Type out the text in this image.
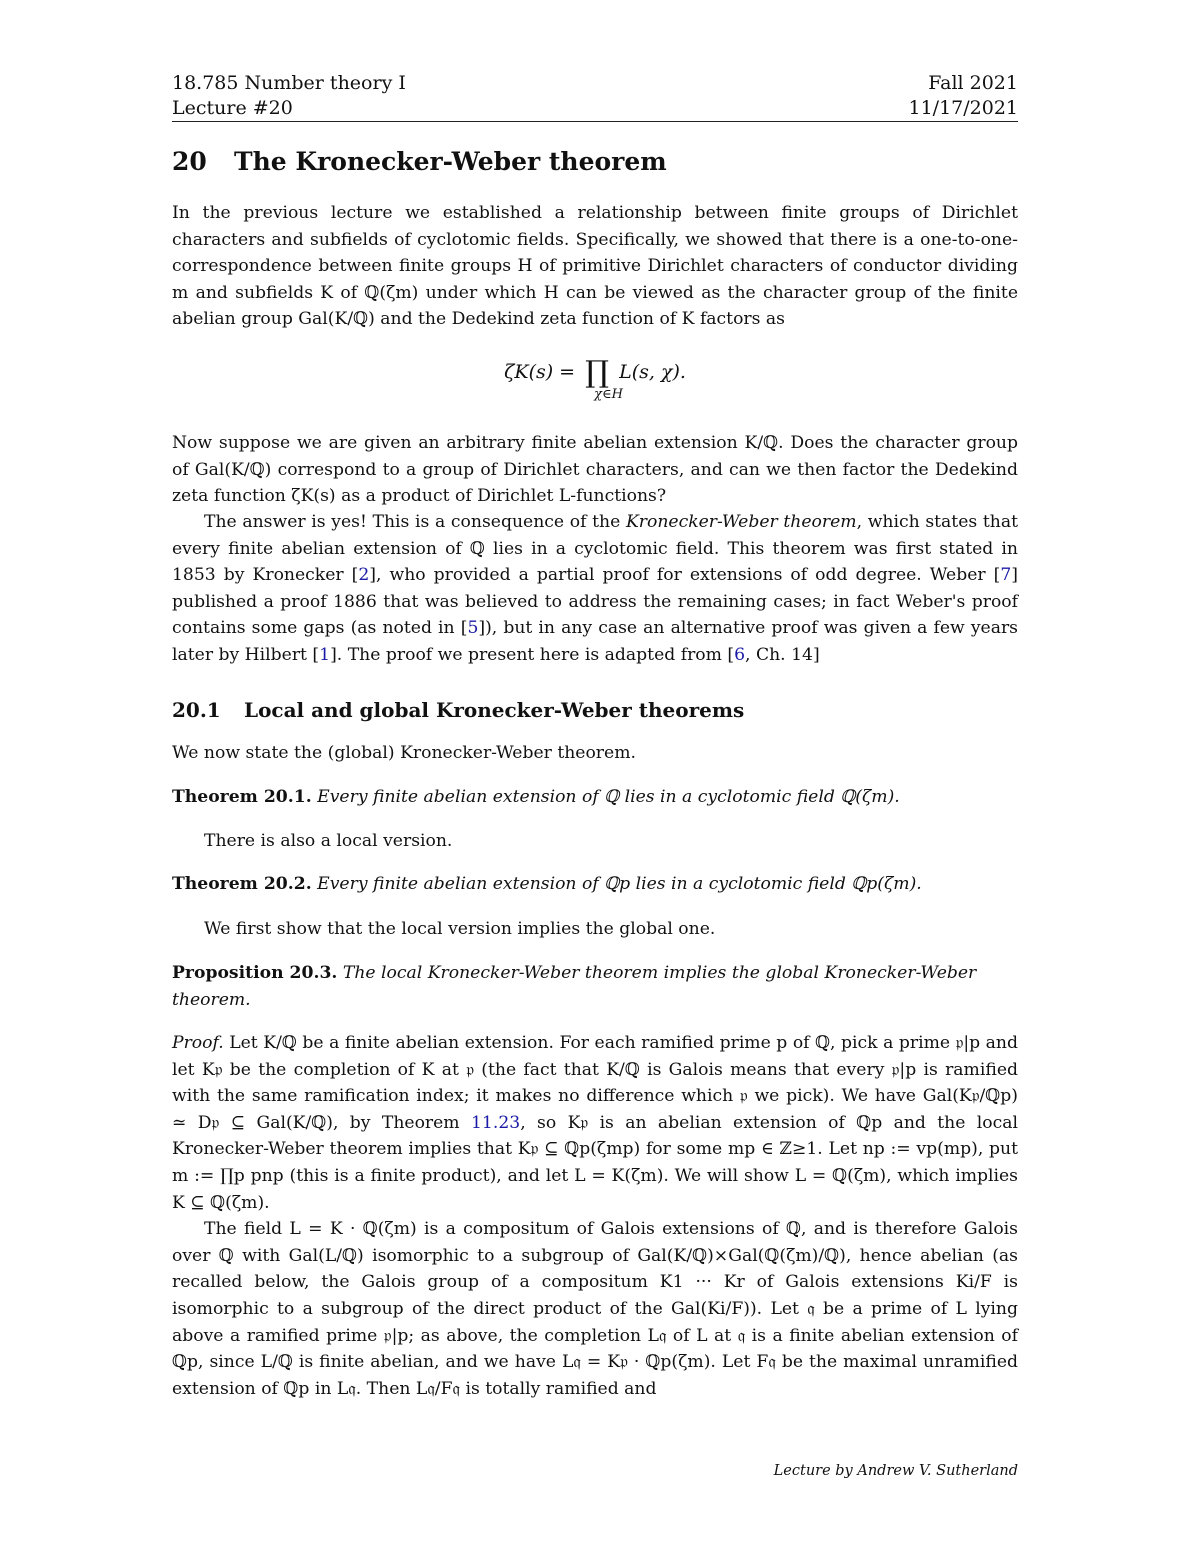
18.785 Number theory I	Fall 2021
Lecture #20	11/17/2021
20 The Kronecker-Weber theorem

In the previous lecture we established a relationship between finite groups of Dirichlet characters and subfields of cyclotomic fields. Specifically, we showed that there is a one-to-one-correspondence between finite groups H of primitive Dirichlet characters of conductor dividing m and subfields K of ℚ(ζm) under which H can be viewed as the character group of the finite abelian group Gal(K/ℚ) and the Dedekind zeta function of K factors as

ζK(s) = ∏ L(s, χ).
χ∈H

Now suppose we are given an arbitrary finite abelian extension K/ℚ. Does the character group of Gal(K/ℚ) correspond to a group of Dirichlet characters, and can we then factor the Dedekind zeta function ζK(s) as a product of Dirichlet L-functions?

The answer is yes! This is a consequence of the Kronecker-Weber theorem, which states that every finite abelian extension of ℚ lies in a cyclotomic field. This theorem was first stated in 1853 by Kronecker [2], who provided a partial proof for extensions of odd degree. Weber [7] published a proof 1886 that was believed to address the remaining cases; in fact Weber's proof contains some gaps (as noted in [5]), but in any case an alternative proof was given a few years later by Hilbert [1]. The proof we present here is adapted from [6, Ch. 14]

20.1 Local and global Kronecker-Weber theorems

We now state the (global) Kronecker-Weber theorem.

Theorem 20.1. Every finite abelian extension of ℚ lies in a cyclotomic field ℚ(ζm).

There is also a local version.

Theorem 20.2. Every finite abelian extension of ℚp lies in a cyclotomic field ℚp(ζm).

We first show that the local version implies the global one.

Proposition 20.3. The local Kronecker-Weber theorem implies the global Kronecker-Weber theorem.

Proof. Let K/ℚ be a finite abelian extension. For each ramified prime p of ℚ, pick a prime 𝔭|p and let K𝔭 be the completion of K at 𝔭 (the fact that K/ℚ is Galois means that every 𝔭|p is ramified with the same ramification index; it makes no difference which 𝔭 we pick). We have Gal(K𝔭/ℚp) ≃ D𝔭 ⊆ Gal(K/ℚ), by Theorem 11.23, so K𝔭 is an abelian extension of ℚp and the local Kronecker-Weber theorem implies that K𝔭 ⊆ ℚp(ζmp) for some mp ∈ ℤ≥1. Let np := vp(mp), put m := ∏p pnp (this is a finite product), and let L = K(ζm). We will show L = ℚ(ζm), which implies K ⊆ ℚ(ζm).

The field L = K · ℚ(ζm) is a compositum of Galois extensions of ℚ, and is therefore Galois over ℚ with Gal(L/ℚ) isomorphic to a subgroup of Gal(K/ℚ)×Gal(ℚ(ζm)/ℚ), hence abelian (as recalled below, the Galois group of a compositum K1 ··· Kr of Galois extensions Ki/F is isomorphic to a subgroup of the direct product of the Gal(Ki/F)). Let 𝔮 be a prime of L lying above a ramified prime 𝔭|p; as above, the completion L𝔮 of L at 𝔮 is a finite abelian extension of ℚp, since L/ℚ is finite abelian, and we have L𝔮 = K𝔭 · ℚp(ζm). Let F𝔮 be the maximal unramified extension of ℚp in L𝔮. Then L𝔮/F𝔮 is totally ramified and

Lecture by Andrew V. Sutherland
